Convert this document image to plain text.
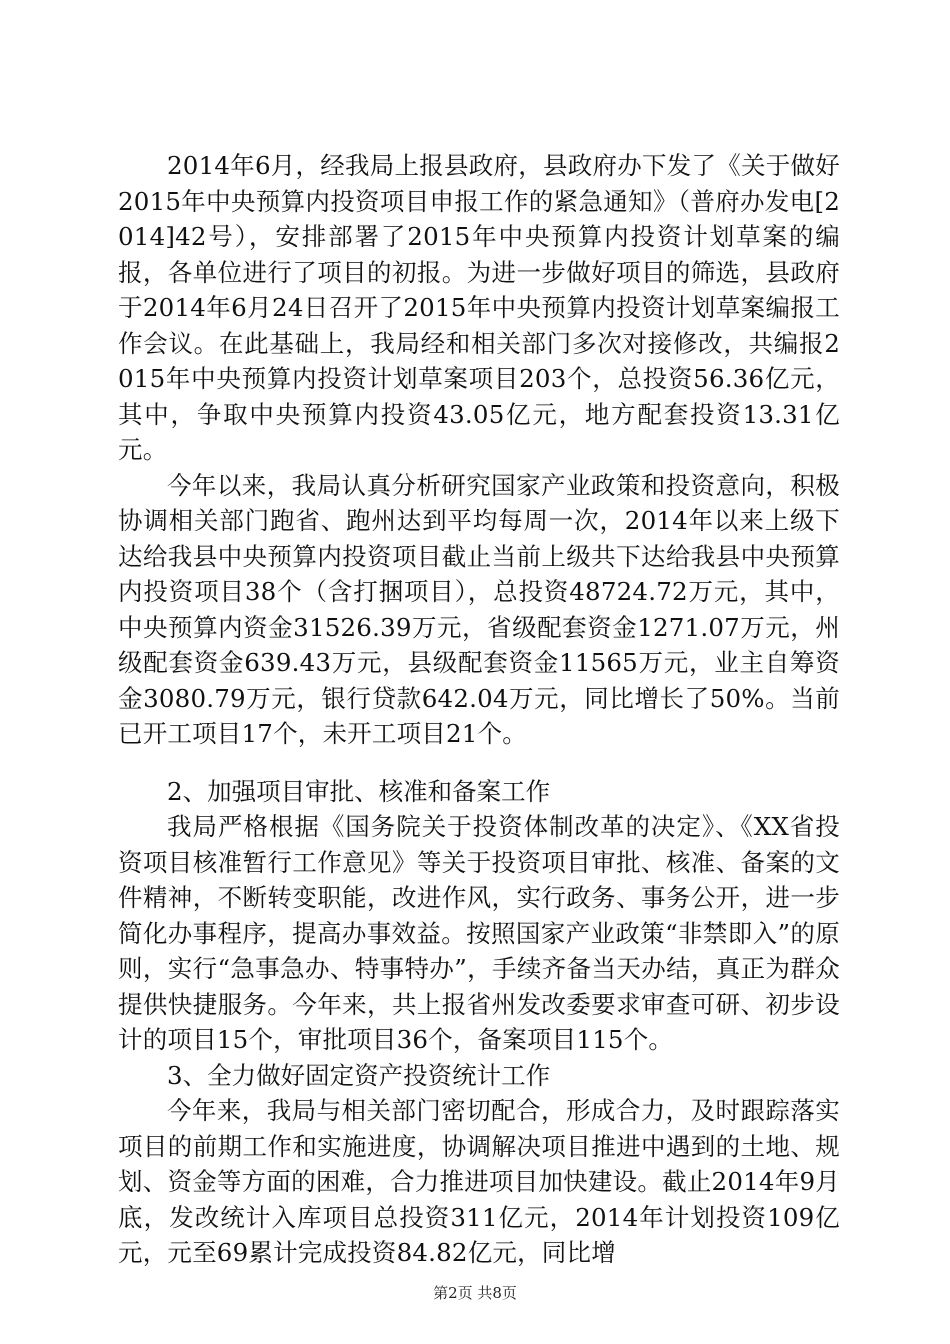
2014年6月，经我局上报县政府，县政府办下发了《关于做好2015年中央预算内投资项目申报工作的紧急通知》（普府办发电[2014]42号），安排部署了2015年中央预算内投资计划草案的编报，各单位进行了项目的初报。为进一步做好项目的筛选，县政府于2014年6月24日召开了2015年中央预算内投资计划草案编报工作会议。在此基础上，我局经和相关部门多次对接修改，共编报2015年中央预算内投资计划草案项目203个，总投资56.36亿元，其中，争取中央预算内投资43.05亿元，地方配套投资13.31亿元。

今年以来，我局认真分析研究国家产业政策和投资意向，积极协调相关部门跑省、跑州达到平均每周一次，2014年以来上级下达给我县中央预算内投资项目截止当前上级共下达给我县中央预算内投资项目38个（含打捆项目），总投资48724.72万元，其中，中央预算内资金31526.39万元，省级配套资金1271.07万元，州级配套资金639.43万元，县级配套资金11565万元，业主自筹资金3080.79万元，银行贷款642.04万元，同比增长了50%。当前已开工项目17个，未开工项目21个。

2、加强项目审批、核准和备案工作

我局严格根据《国务院关于投资体制改革的决定》、《XX省投资项目核准暂行工作意见》等关于投资项目审批、核准、备案的文件精神，不断转变职能，改进作风，实行政务、事务公开，进一步简化办事程序，提高办事效益。按照国家产业政策“非禁即入”的原则，实行“急事急办、特事特办”，手续齐备当天办结，真正为群众提供快捷服务。今年来，共上报省州发改委要求审查可研、初步设计的项目15个，审批项目36个，备案项目115个。

3、全力做好固定资产投资统计工作

今年来，我局与相关部门密切配合，形成合力，及时跟踪落实项目的前期工作和实施进度，协调解决项目推进中遇到的土地、规划、资金等方面的困难，合力推进项目加快建设。截止2014年9月底，发改统计入库项目总投资311亿元，2014年计划投资109亿元，元至69累计完成投资84.82亿元，同比增

第2页 共8页
